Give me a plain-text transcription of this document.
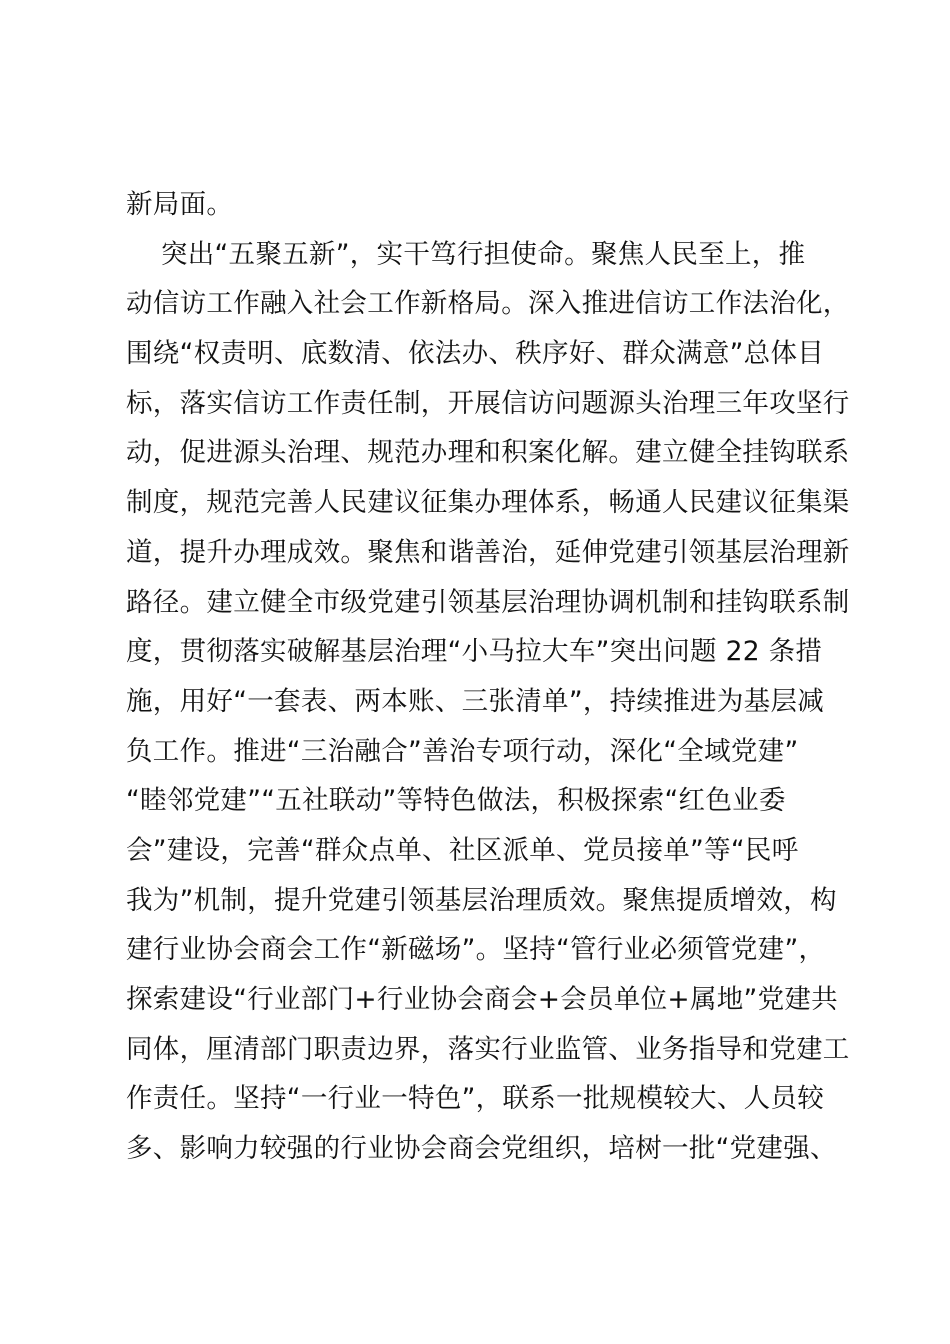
新局面。
突出“五聚五新”，实干笃行担使命。聚焦人民至上，推
动信访工作融入社会工作新格局。深入推进信访工作法治化，
围绕“权责明、底数清、依法办、秩序好、群众满意”总体目
标，落实信访工作责任制，开展信访问题源头治理三年攻坚行
动，促进源头治理、规范办理和积案化解。建立健全挂钩联系
制度，规范完善人民建议征集办理体系，畅通人民建议征集渠
道，提升办理成效。聚焦和谐善治，延伸党建引领基层治理新
路径。建立健全市级党建引领基层治理协调机制和挂钩联系制
度，贯彻落实破解基层治理“小马拉大车”突出问题 22 条措
施，用好“一套表、两本账、三张清单”，持续推进为基层减
负工作。推进“三治融合”善治专项行动，深化“全域党建”
“睦邻党建”“五社联动”等特色做法，积极探索“红色业委
会”建设，完善“群众点单、社区派单、党员接单”等“民呼
我为”机制，提升党建引领基层治理质效。聚焦提质增效，构
建行业协会商会工作“新磁场”。坚持“管行业必须管党建”，
探索建设“行业部门+行业协会商会+会员单位+属地”党建共
同体，厘清部门职责边界，落实行业监管、业务指导和党建工
作责任。坚持“一行业一特色”，联系一批规模较大、人员较
多、影响力较强的行业协会商会党组织，培树一批“党建强、
